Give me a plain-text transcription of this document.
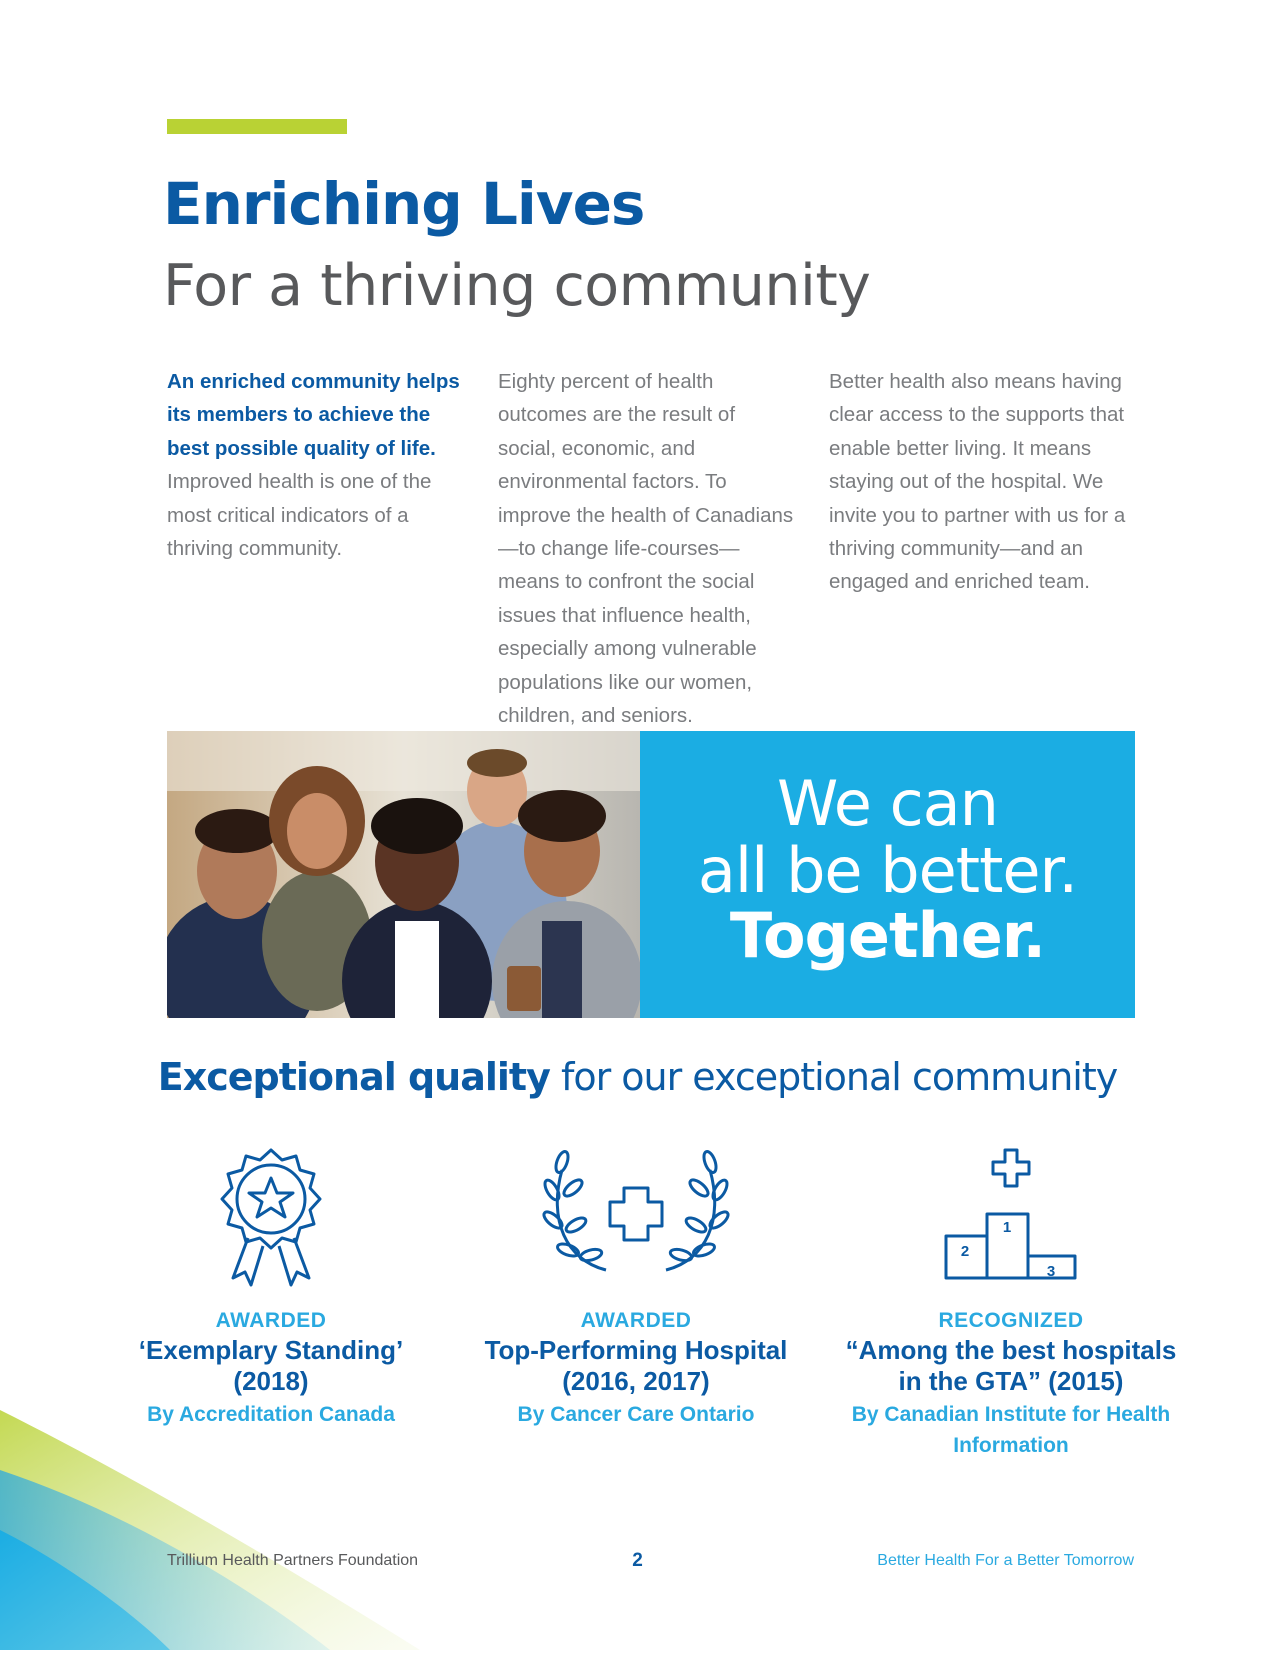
Enriching Lives
For a thriving community

An enriched community helps its members to achieve the best possible quality of life. Improved health is one of the most critical indicators of a thriving community.

Eighty percent of health outcomes are the result of social, economic, and environmental factors. To improve the health of Canadians—to change life-courses—means to confront the social issues that influence health, especially among vulnerable populations like our women, children, and seniors.

Better health also means having clear access to the supports that enable better living. It means staying out of the hospital. We invite you to partner with us for a thriving community—and an engaged and enriched team.

We can
all be better.
Together.
Exceptional quality for our exceptional community
AWARDED
‘Exemplary Standing’ (2018)
By Accreditation Canada
AWARDED
Top-Performing Hospital (2016, 2017)
By Cancer Care Ontario
1
2
3
RECOGNIZED
“Among the best hospitals in the GTA” (2015)
By Canadian Institute for Health Information
Trillium Health Partners Foundation	2	Better Health For a Better Tomorrow
